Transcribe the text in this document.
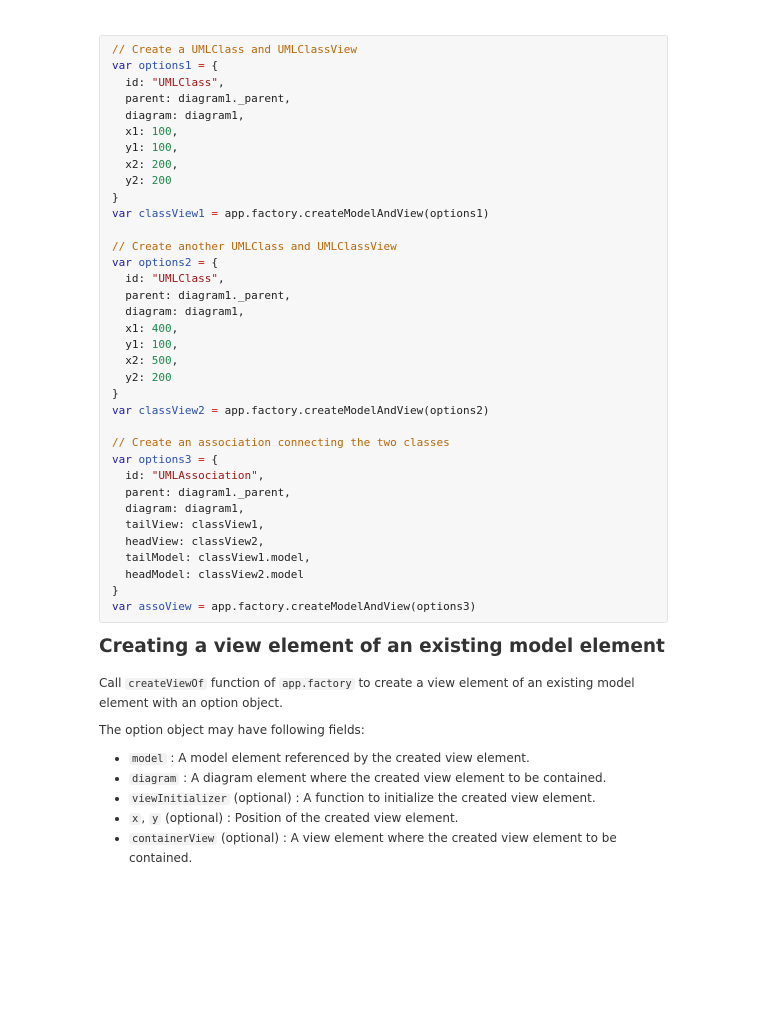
// Create a UMLClass and UMLClassView
var options1 = {
id: "UMLClass",
parent: diagram1._parent,
diagram: diagram1,
x1: 100,
y1: 100,
x2: 200,
y2: 200
}
var classView1 = app.factory.createModelAndView(options1)
// Create another UMLClass and UMLClassView
var options2 = {
id: "UMLClass",
parent: diagram1._parent,
diagram: diagram1,
x1: 400,
y1: 100,
x2: 500,
y2: 200
}
var classView2 = app.factory.createModelAndView(options2)
// Create an association connecting the two classes
var options3 = {
id: "UMLAssociation",
parent: diagram1._parent,
diagram: diagram1,
tailView: classView1,
headView: classView2,
tailModel: classView1.model,
headModel: classView2.model
}
var assoView = app.factory.createModelAndView(options3)
Creating a view element of an existing model element

Call createViewOf function of app.factory to create a view element of an existing model element with an option object.

The option object may have following fields:

• model : A model element referenced by the created view element.
• diagram : A diagram element where the created view element to be contained.
• viewInitializer (optional) : A function to initialize the created view element.
• x , y (optional) : Position of the created view element.
• containerView (optional) : A view element where the created view element to be contained.
